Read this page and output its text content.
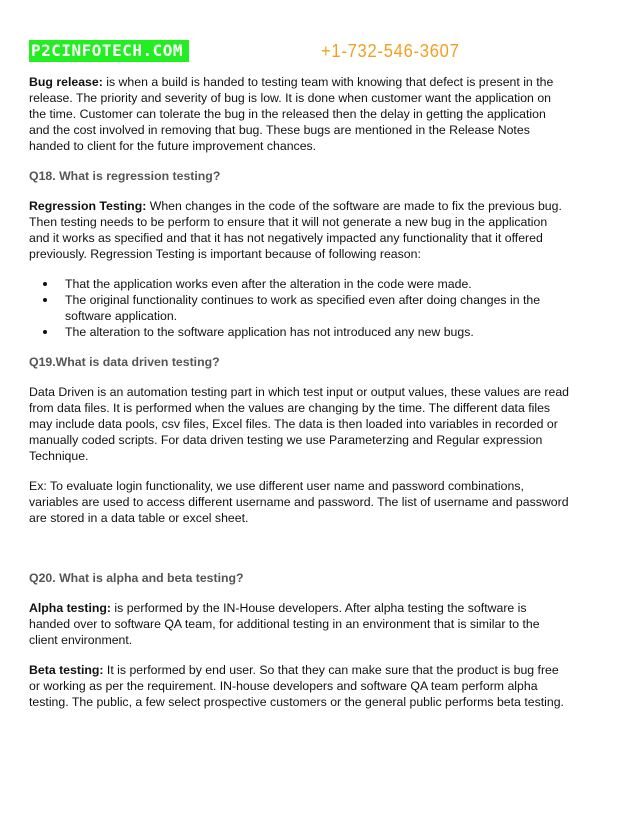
P2CINFOTECH.COM	+1-732-546-3607

Bug release: is when a build is handed to testing team with knowing that defect is present in the release. The priority and severity of bug is low. It is done when customer want the application on the time. Customer can tolerate the bug in the released then the delay in getting the application and the cost involved in removing that bug. These bugs are mentioned in the Release Notes handed to client for the future improvement chances.

Q18. What is regression testing?

Regression Testing: When changes in the code of the software are made to fix the previous bug. Then testing needs to be perform to ensure that it will not generate a new bug in the application and it works as specified and that it has not negatively impacted any functionality that it offered previously. Regression Testing is important because of following reason:

That the application works even after the alteration in the code were made.
The original functionality continues to work as specified even after doing changes in the software application.
The alteration to the software application has not introduced any new bugs.

Q19.What is data driven testing?

Data Driven is an automation testing part in which test input or output values, these values are read from data files. It is performed when the values are changing by the time. The different data files may include data pools, csv files, Excel files. The data is then loaded into variables in recorded or manually coded scripts. For data driven testing we use Parameterzing and Regular expression Technique.

Ex: To evaluate login functionality, we use different user name and password combinations, variables are used to access different username and password. The list of username and password are stored in a data table or excel sheet.

Q20. What is alpha and beta testing?

Alpha testing: is performed by the IN-House developers. After alpha testing the software is handed over to software QA team, for additional testing in an environment that is similar to the client environment.

Beta testing: It is performed by end user. So that they can make sure that the product is bug free or working as per the requirement. IN-house developers and software QA team perform alpha testing. The public, a few select prospective customers or the general public performs beta testing.
